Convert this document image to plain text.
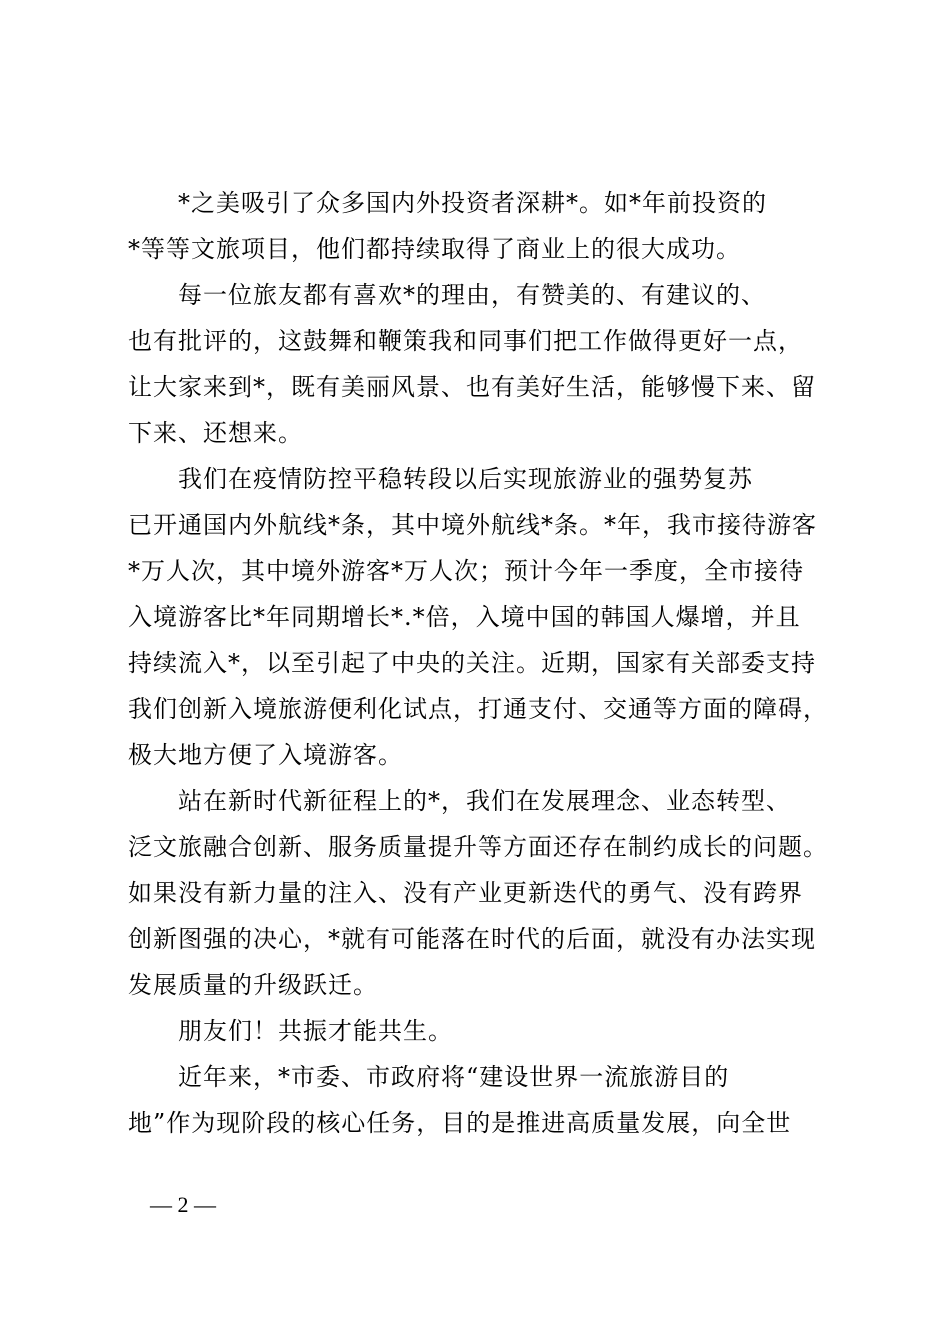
　　*之美吸引了众多国内外投资者深耕*。如*年前投资的
*等等文旅项目，他们都持续取得了商业上的很大成功。
　　每一位旅友都有喜欢*的理由，有赞美的、有建议的、
也有批评的，这鼓舞和鞭策我和同事们把工作做得更好一点，
让大家来到*，既有美丽风景、也有美好生活，能够慢下来、留
下来、还想来。
　　我们在疫情防控平稳转段以后实现旅游业的强势复苏
已开通国内外航线*条，其中境外航线*条。*年，我市接待游客
*万人次，其中境外游客*万人次；预计今年一季度，全市接待
入境游客比*年同期增长*.*倍，入境中国的韩国人爆增，并且
持续流入*，以至引起了中央的关注。近期，国家有关部委支持
我们创新入境旅游便利化试点，打通支付、交通等方面的障碍，
极大地方便了入境游客。
　　站在新时代新征程上的*，我们在发展理念、业态转型、
泛文旅融合创新、服务质量提升等方面还存在制约成长的问题。
如果没有新力量的注入、没有产业更新迭代的勇气、没有跨界
创新图强的决心，*就有可能落在时代的后面，就没有办法实现
发展质量的升级跃迁。
　　朋友们！共振才能共生。
　　近年来，*市委、市政府将“建设世界一流旅游目的
地”作为现阶段的核心任务，目的是推进高质量发展，向全世
— 2 —
